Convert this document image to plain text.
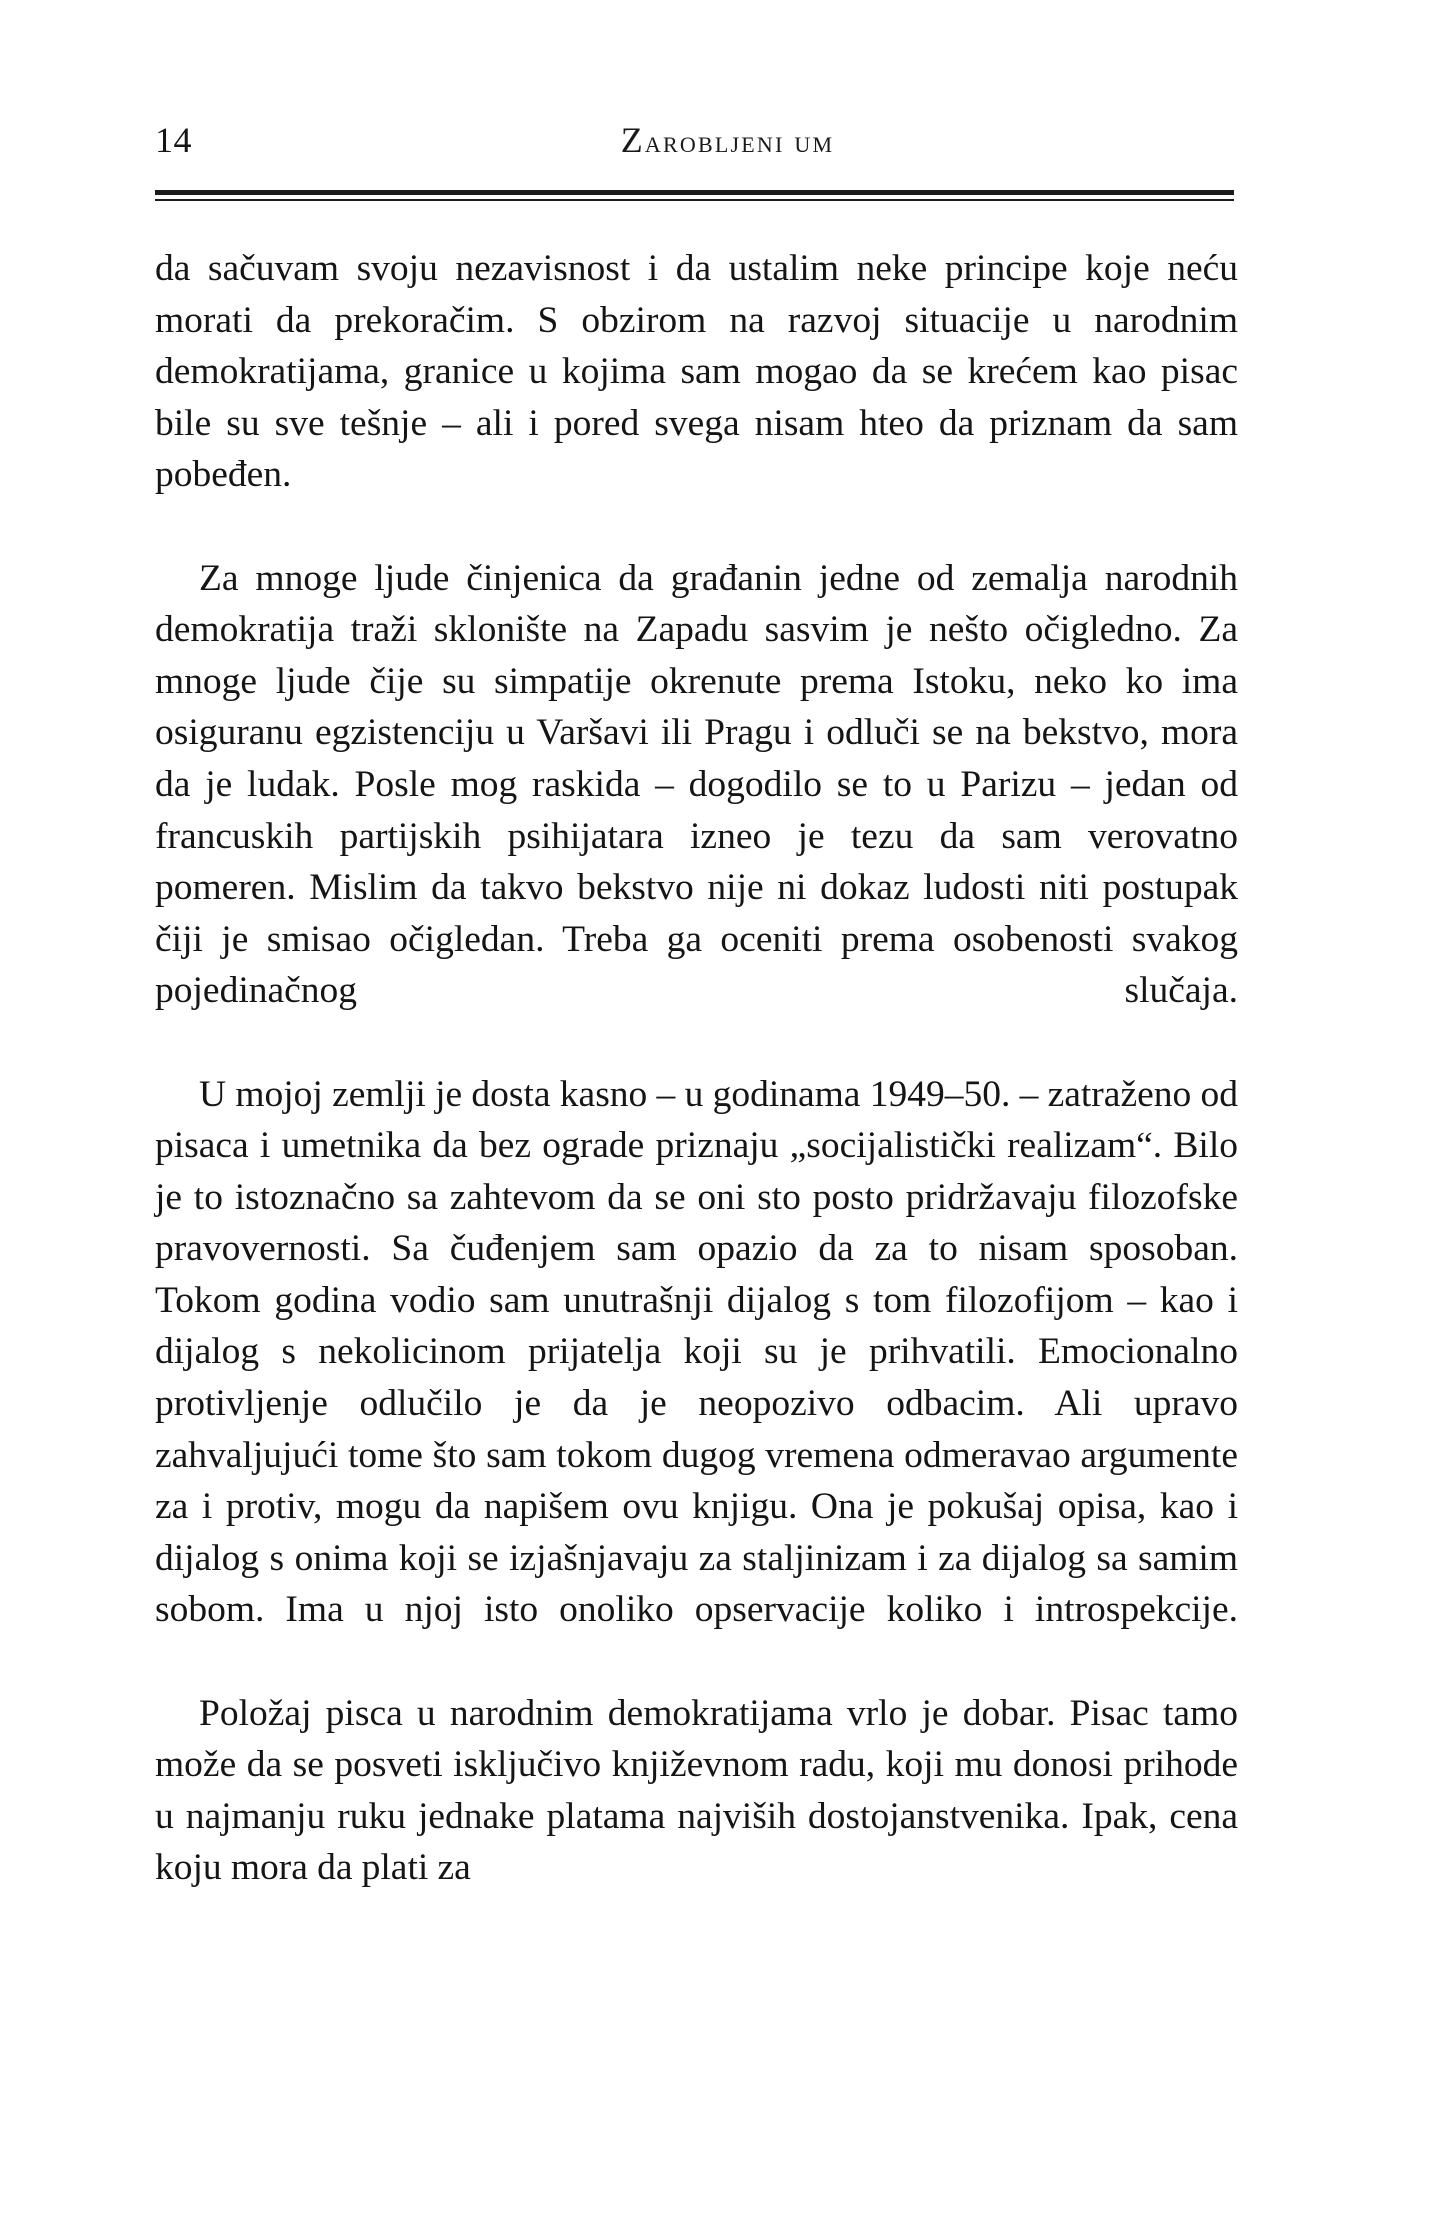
14	Zarobljeni um

da sačuvam svoju nezavisnost i da ustalim neke principe koje neću morati da prekoračim. S obzirom na razvoj situacije u narodnim demokratijama, granice u kojima sam mogao da se krećem kao pisac bile su sve tešnje – ali i pored svega nisam hteo da priznam da sam pobeđen.

Za mnoge ljude činjenica da građanin jedne od zemalja narodnih demokratija traži sklonište na Zapadu sasvim je nešto očigledno. Za mnoge ljude čije su simpatije okrenute prema Istoku, neko ko ima osiguranu egzistenciju u Varšavi ili Pragu i odluči se na bekstvo, mora da je ludak. Posle mog raskida – dogodilo se to u Parizu – jedan od francuskih partijskih psihijatara izneo je tezu da sam verovatno pomeren. Mislim da takvo bekstvo nije ni dokaz ludosti niti postupak čiji je smisao očigledan. Treba ga oceniti prema osobenosti svakog pojedinačnog slučaja.

U mojoj zemlji je dosta kasno – u godinama 1949–50. – zatraženo od pisaca i umetnika da bez ograde priznaju „socijalistički realizam“. Bilo je to istoznačno sa zahtevom da se oni sto posto pridržavaju filozofske pravovernosti. Sa čuđenjem sam opazio da za to nisam sposoban. Tokom godina vodio sam unutrašnji dijalog s tom filozofijom – kao i dijalog s nekolicinom prijatelja koji su je prihvatili. Emocionalno protivljenje odlučilo je da je neopozivo odbacim. Ali upravo zahvaljujući tome što sam tokom dugog vremena odmeravao argumente za i protiv, mogu da napišem ovu knjigu. Ona je pokušaj opisa, kao i dijalog s onima koji se izjašnjavaju za staljinizam i za dijalog sa samim sobom. Ima u njoj isto onoliko opservacije koliko i introspekcije.

Položaj pisca u narodnim demokratijama vrlo je dobar. Pisac tamo može da se posveti isključivo književnom radu, koji mu donosi prihode u najmanju ruku jednake platama najviših dostojanstvenika. Ipak, cena koju mora da plati za
